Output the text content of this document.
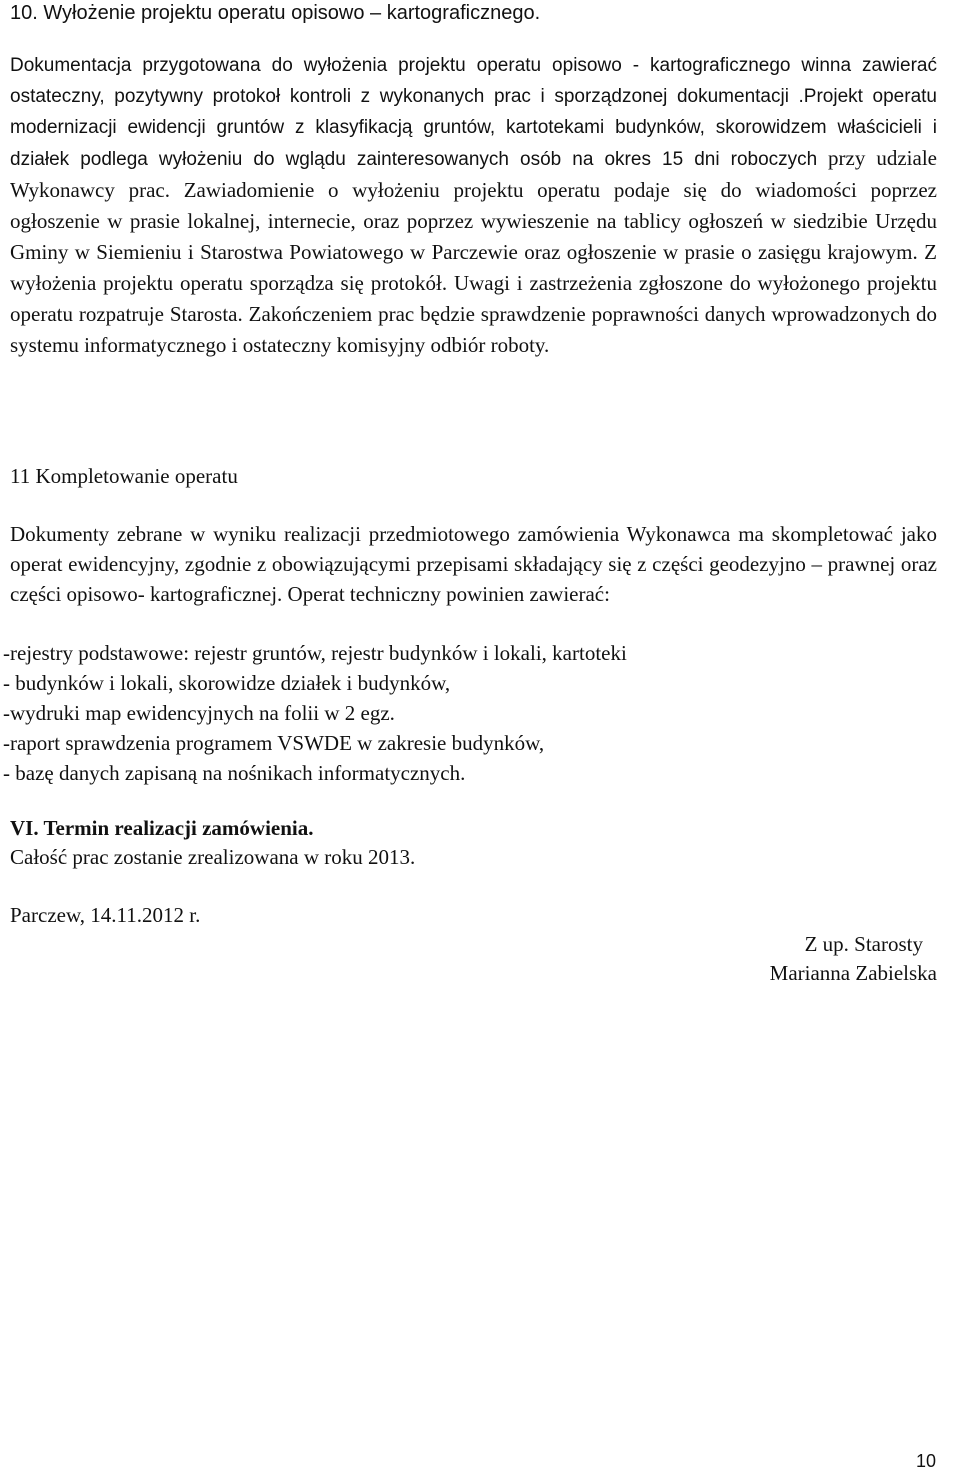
10. Wyłożenie projektu operatu opisowo – kartograficznego.
Dokumentacja przygotowana do wyłożenia projektu operatu opisowo - kartograficznego winna zawierać ostateczny, pozytywny protokoł kontroli z wykonanych prac i sporządzonej dokumentacji .Projekt operatu modernizacji ewidencji gruntów z klasyfikacją gruntów, kartotekami budynków, skorowidzem właścicieli i działek podlega wyłożeniu do wglądu zainteresowanych osób na okres 15 dni roboczych przy udziale Wykonawcy prac. Zawiadomienie o wyłożeniu projektu operatu podaje się do wiadomości poprzez ogłoszenie w prasie lokalnej, internecie, oraz poprzez wywieszenie na tablicy ogłoszeń w siedzibie Urzędu Gminy w Siemieniu i Starostwa Powiatowego w Parczewie oraz ogłoszenie w prasie o zasięgu krajowym. Z wyłożenia projektu operatu sporządza się protokół. Uwagi i zastrzeżenia zgłoszone do wyłożonego projektu operatu rozpatruje Starosta. Zakończeniem prac będzie sprawdzenie poprawności danych wprowadzonych do systemu informatycznego i ostateczny komisyjny odbiór roboty.
11 Kompletowanie operatu
Dokumenty zebrane w wyniku realizacji przedmiotowego zamówienia Wykonawca ma skompletować jako operat ewidencyjny, zgodnie z obowiązującymi przepisami składający się z części geodezyjno – prawnej oraz części opisowo- kartograficznej. Operat techniczny powinien zawierać:
-rejestry podstawowe: rejestr gruntów, rejestr budynków i lokali, kartoteki
- budynków i lokali, skorowidze działek i budynków,
-wydruki map ewidencyjnych na folii w 2 egz.
-raport sprawdzenia programem VSWDE w zakresie budynków,
- bazę danych zapisaną na nośnikach informatycznych.
VI. Termin realizacji zamówienia.
Całość prac zostanie zrealizowana w roku 2013.
Parczew, 14.11.2012 r.
Z up. Starosty
Marianna Zabielska
10
